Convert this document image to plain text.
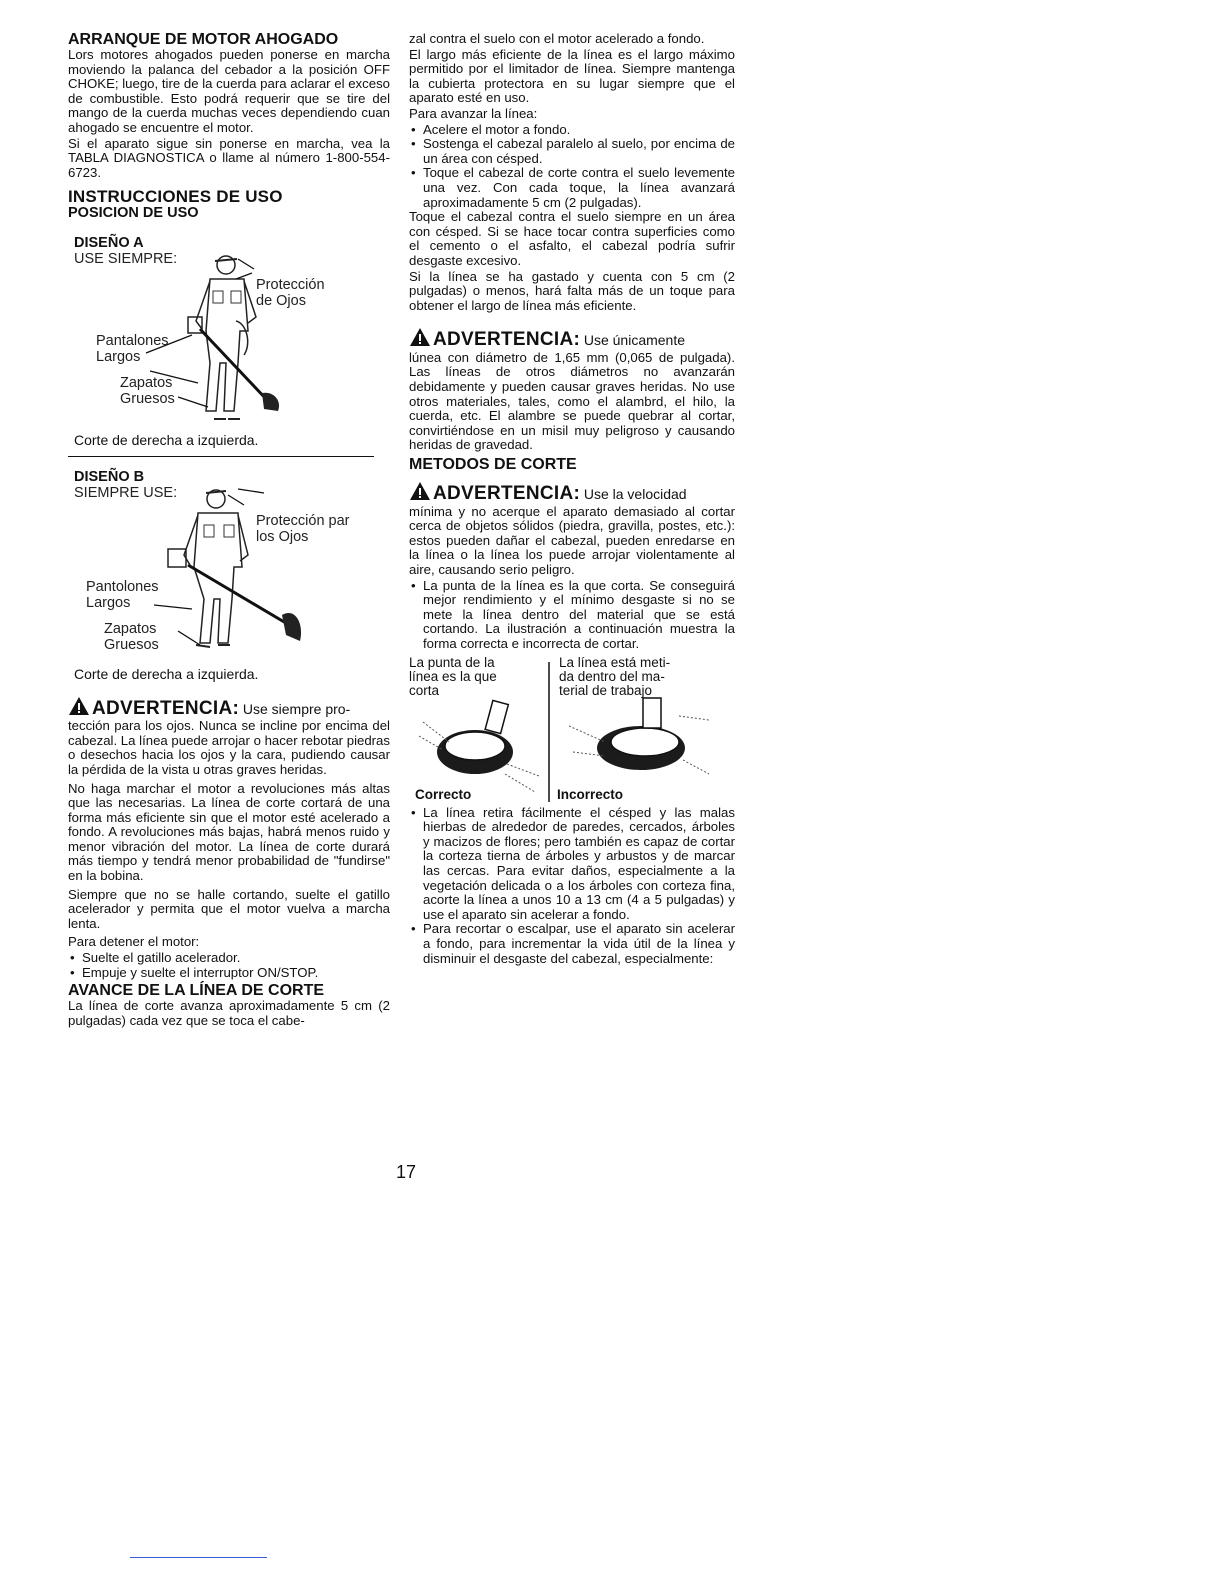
ARRANQUE DE MOTOR AHOGADO

Lors motores ahogados pueden ponerse en marcha moviendo la palanca del cebador a la posición OFF CHOKE; luego, tire de la cuerda para aclarar el exceso de combustible. Esto podrá requerir que se tire del mango de la cuerda muchas veces dependiendo cuan ahogado se encuentre el motor.

Si el aparato sigue sin ponerse en marcha, vea la TABLA DIAGNOSTICA o llame al número 1-800-554-6723.

INSTRUCCIONES DE USO
POSICION DE USO
DISEÑO A
USE SIEMPRE:
Protección
de Ojos
Pantalones
Largos
Zapatos
Gruesos
Corte de derecha a izquierda.
DISEÑO B
SIEMPRE USE:
Protección par
los Ojos
Pantolones
Largos
Zapatos
Gruesos
Corte de derecha a izquierda.
ADVERTENCIA: Use siempre pro-

tección para los ojos. Nunca se incline por encima del cabezal. La línea puede arrojar o hacer rebotar piedras o desechos hacia los ojos y la cara, pudiendo causar la pérdida de la vista u otras graves heridas.

No haga marchar el motor a revoluciones más altas que las necesarias. La línea de corte cortará de una forma más eficiente sin que el motor esté acelerado a fondo. A revoluciones más bajas, habrá menos ruido y menor vibración del motor. La línea de corte durará más tiempo y tendrá menor probabilidad de "fundirse" en la bobina.

Siempre que no se halle cortando, suelte el gatillo acelerador y permita que el motor vuelva a marcha lenta.

Para detener el motor:

• Suelte el gatillo acelerador.
• Empuje y suelte el interruptor ON/STOP.
AVANCE DE LA LÍNEA DE CORTE

La línea de corte avanza aproximadamente 5 cm (2 pulgadas) cada vez que se toca el cabe-

zal contra el suelo con el motor acelerado a fondo.

El largo más eficiente de la línea es el largo máximo permitido por el limitador de línea. Siempre mantenga la cubierta protectora en su lugar siempre que el aparato esté en uso.

Para avanzar la línea:

• Acelere el motor a fondo.
• Sostenga el cabezal paralelo al suelo, por encima de un área con césped.
• Toque el cabezal de corte contra el suelo levemente una vez. Con cada toque, la línea avanzará aproximadamente 5 cm (2 pulgadas).

Toque el cabezal contra el suelo siempre en un área con césped. Si se hace tocar contra superficies como el cemento o el asfalto, el cabezal podría sufrir desgaste excesivo.

Si la línea se ha gastado y cuenta con 5 cm (2 pulgadas) o menos, hará falta más de un toque para obtener el largo de línea más eficiente.

ADVERTENCIA: Use únicamente

lúnea con diámetro de 1,65 mm (0,065 de pulgada). Las líneas de otros diámetros no avanzarán debidamente y pueden causar graves heridas. No use otros materiales, tales, como el alambrd, el hilo, la cuerda, etc. El alambre se puede quebrar al cortar, convirtiéndose en un misil muy peligroso y causando heridas de gravedad.

METODOS DE CORTE
ADVERTENCIA: Use la velocidad

mínima y no acerque el aparato demasiado al cortar cerca de objetos sólidos (piedra, gravilla, postes, etc.): estos pueden dañar el cabezal, pueden enredarse en la línea o la línea los puede arrojar violentamente al aire, causando serio peligro.

• La punta de la línea es la que corta. Se conseguirá mejor rendimiento y el mínimo desgaste si no se mete la línea dentro del material que se está cortando. La ilustración a continuación muestra la forma correcta e incorrecta de cortar.
La punta de la
línea es la que
corta
La línea está meti-
da dentro del ma-
terial de trabajo
Correcto	Incorrecto
• La línea retira fácilmente el césped y las malas hierbas de alrededor de paredes, cercados, árboles y macizos de flores; pero también es capaz de cortar la corteza tierna de árboles y arbustos y de marcar las cercas. Para evitar daños, especialmente a la vegetación delicada o a los árboles con corteza fina, acorte la línea a unos 10 a 13 cm (4 a 5 pulgadas) y use el aparato sin acelerar a fondo.
• Para recortar o escalpar, use el aparato sin acelerar a fondo, para incrementar la vida útil de la línea y disminuir el desgaste del cabezal, especialmente:
17
